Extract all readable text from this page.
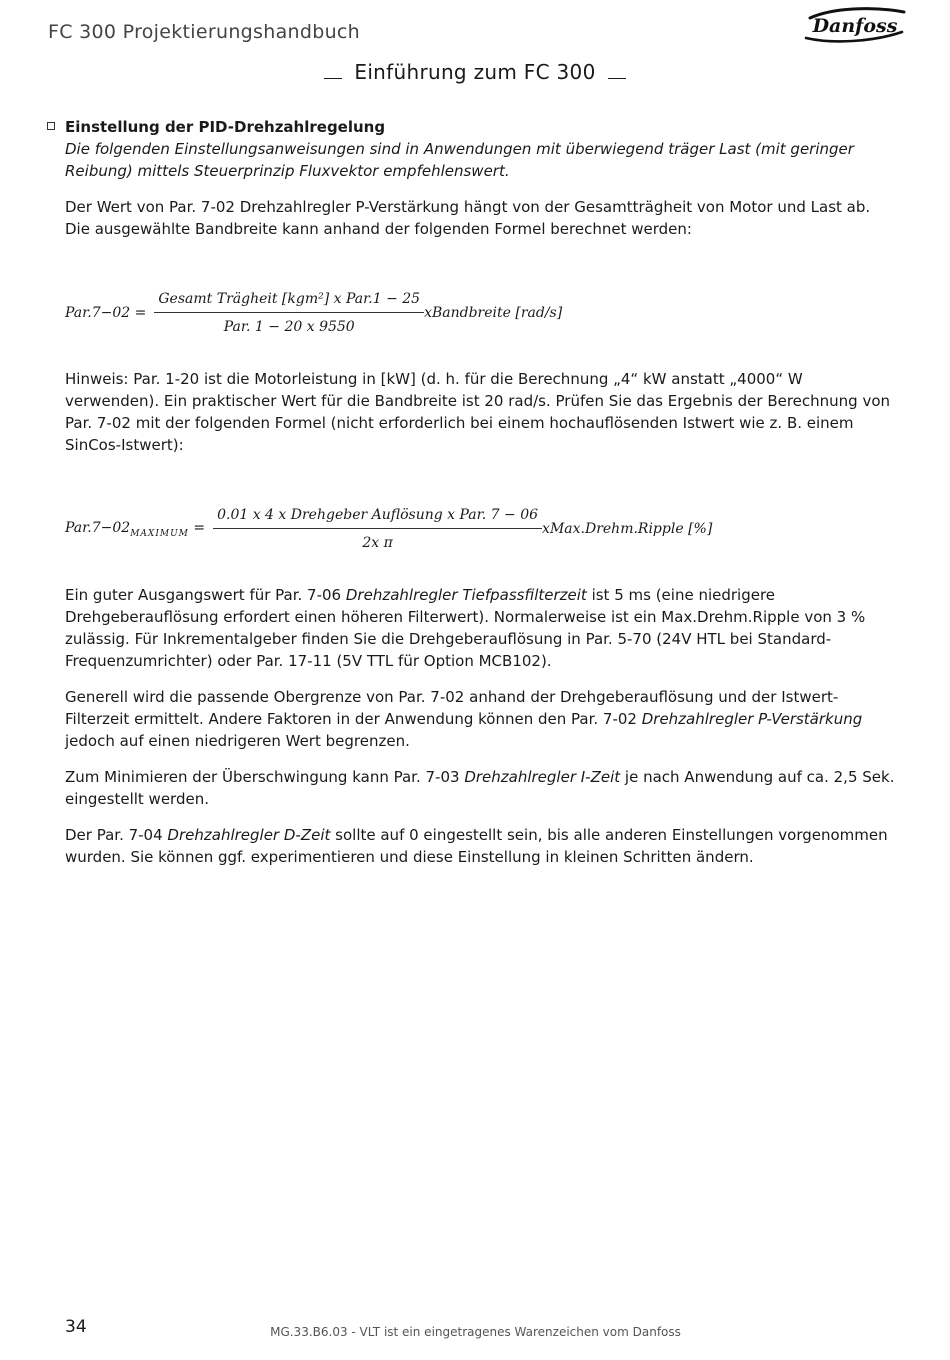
FC 300 Projektierungshandbuch	Danfoss
Einführung zum FC 300
Einstellung der PID-Drehzahlregelung

Die folgenden Einstellungsanweisungen sind in Anwendungen mit überwiegend träger Last (mit geringer Reibung) mittels Steuerprinzip Fluxvektor empfehlenswert.

Der Wert von Par. 7-02 Drehzahlregler P-Verstärkung hängt von der Gesamtträgheit von Motor und Last ab. Die ausgewählte Bandbreite kann anhand der folgenden Formel berechnet werden:

$Par.7-02 = \frac{\text{Gesamt Trägheit [kgm²] x Par.1 − 25}}{\text{Par. 1 − 20 x 9550}}$ xBandbreite [rad/s]

Hinweis: Par. 1-20 ist die Motorleistung in [kW] (d. h. für die Berechnung „4“ kW anstatt „4000“ W verwenden). Ein praktischer Wert für die Bandbreite ist 20 rad/s. Prüfen Sie das Ergebnis der Berechnung von Par. 7-02 mit der folgenden Formel (nicht erforderlich bei einem hochauflösenden Istwert wie z. B. einem SinCos-Istwert):

$Par.7-02_{MAXIMUM} = \frac{\text{0.01 x 4 x Drehgeber Auflösung x Par. 7 − 06}}{\text{2x π}}$ xMax.Drehm.Ripple [%]

Ein guter Ausgangswert für Par. 7-06 Drehzahlregler Tiefpassfilterzeit ist 5 ms (eine niedrigere Drehgeberauflösung erfordert einen höheren Filterwert). Normalerweise ist ein Max.Drehm.Ripple von 3 % zulässig. Für Inkrementalgeber finden Sie die Drehgeberauflösung in Par. 5-70 (24V HTL bei Standard-Frequenzumrichter) oder Par. 17-11 (5V TTL für Option MCB102).

Generell wird die passende Obergrenze von Par. 7-02 anhand der Drehgeberauflösung und der Istwert-Filterzeit ermittelt. Andere Faktoren in der Anwendung können den Par. 7-02 Drehzahlregler P-Verstärkung jedoch auf einen niedrigeren Wert begrenzen.

Zum Minimieren der Überschwingung kann Par. 7-03 Drehzahlregler I-Zeit je nach Anwendung auf ca. 2,5 Sek. eingestellt werden.

Der Par. 7-04 Drehzahlregler D-Zeit sollte auf 0 eingestellt sein, bis alle anderen Einstellungen vorgenommen wurden. Sie können ggf. experimentieren und diese Einstellung in kleinen Schritten ändern.

34	MG.33.B6.03 - VLT ist ein eingetragenes Warenzeichen vom Danfoss
